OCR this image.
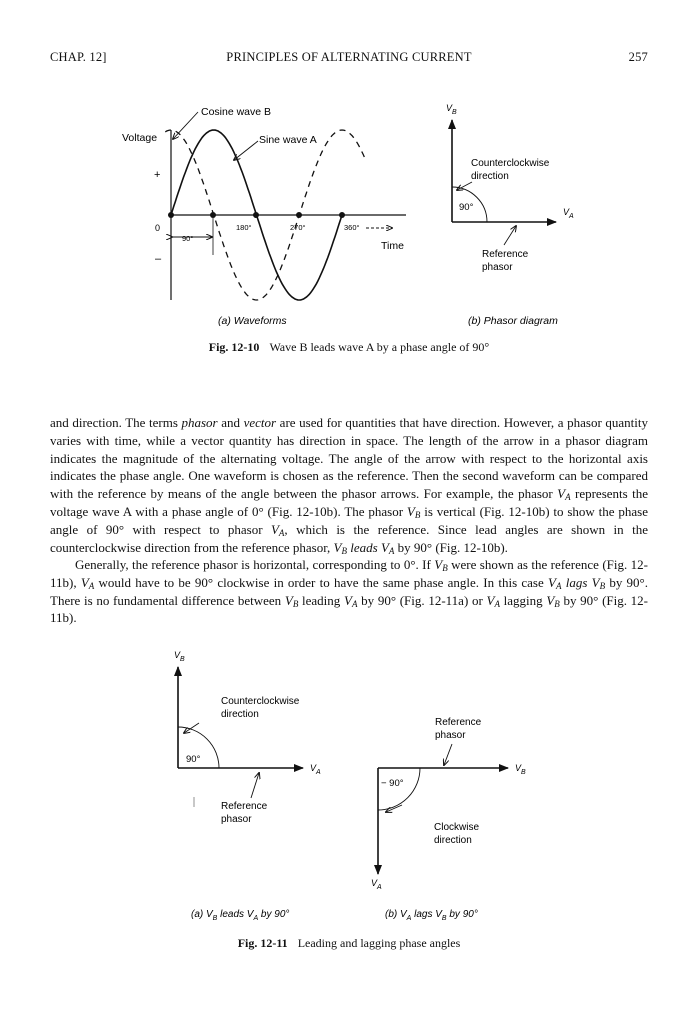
CHAP. 12]	PRINCIPLES OF ALTERNATING CURRENT	257
Cosine wave B
Sine wave A
Voltage
+
0
–
90°
180°	270°	360°
Time
(a) Waveforms
$V_B$
$V_A$
Counterclockwise
direction
90°
Reference
phasor
(b) Phasor diagram
$V_B$
$V_A$
Counterclockwise
direction
90°
Reference
phasor
(a) $V_B$ leads $V_A$ by 90°
Reference
phasor
$V_B$
− 90°
Clockwise
direction
$V_A$
(b) $V_A$ lags $V_B$ by 90°
Fig. 12-10 Wave B leads wave A by a phase angle of 90°

and direction. The terms phasor and vector are used for quantities that have direction. However, a phasor quantity varies with time, while a vector quantity has direction in space. The length of the arrow in a phasor diagram indicates the magnitude of the alternating voltage. The angle of the arrow with respect to the horizontal axis indicates the phase angle. One waveform is chosen as the reference. Then the second waveform can be compared with the reference by means of the angle between the phasor arrows. For example, the phasor $V_A$ represents the voltage wave A with a phase angle of 0° (Fig. 12-10b). The phasor $V_B$ is vertical (Fig. 12-10b) to show the phase angle of 90° with respect to phasor $V_A$, which is the reference. Since lead angles are shown in the counterclockwise direction from the reference phasor, $V_B$ leads $V_A$ by 90° (Fig. 12-10b).

Generally, the reference phasor is horizontal, corresponding to 0°. If $V_B$ were shown as the reference (Fig. 12-11b), $V_A$ would have to be 90° clockwise in order to have the same phase angle. In this case $V_A$ lags $V_B$ by 90°. There is no fundamental difference between $V_B$ leading $V_A$ by 90° (Fig. 12-11a) or $V_A$ lagging $V_B$ by 90° (Fig. 12-11b).

Fig. 12-11 Leading and lagging phase angles
